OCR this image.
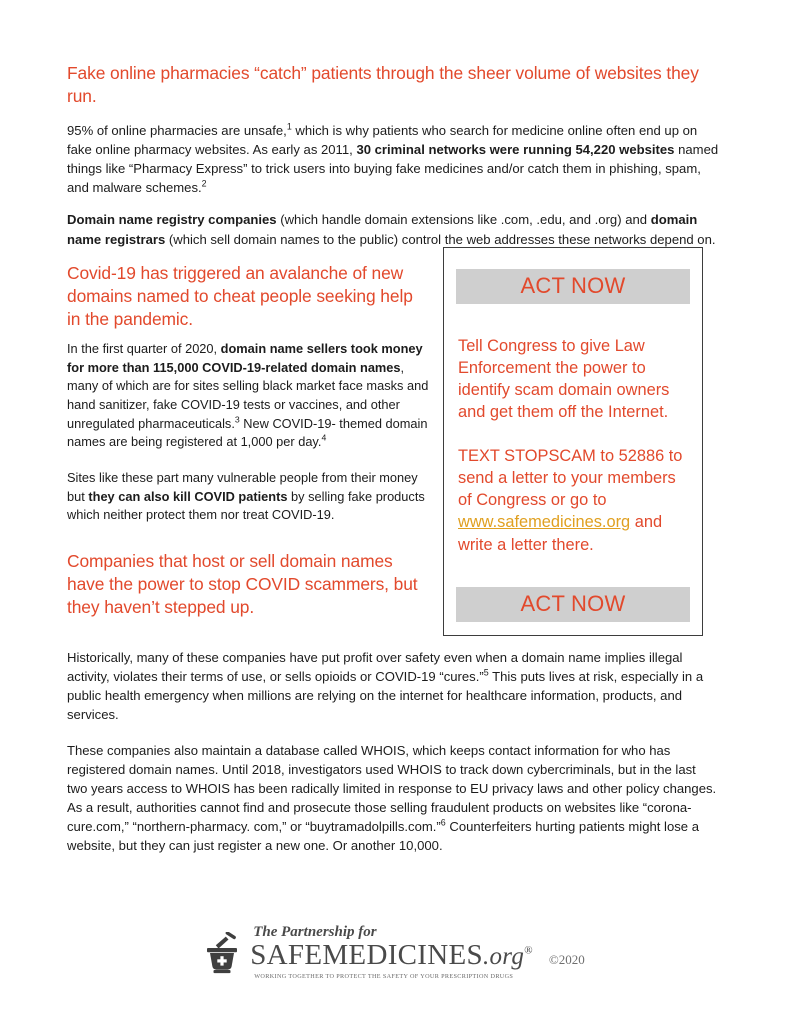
Fake online pharmacies “catch” patients through the sheer volume of websites they run.

95% of online pharmacies are unsafe,$^1$ which is why patients who search for medicine online often end up on fake online pharmacy websites. As early as 2011, 30 criminal networks were running 54,220 websites named things like “Pharmacy Express” to trick users into buying fake medicines and/or catch them in phishing, spam, and malware schemes.$^2$

Domain name registry companies (which handle domain extensions like .com, .edu, and .org) and domain name registrars (which sell domain names to the public) control the web addresses these networks depend on.

Covid-19 has triggered an avalanche of new domains named to cheat people seeking help in the pandemic.

In the first quarter of 2020, domain name sellers took money for more than 115,000 COVID-19-related domain names, many of which are for sites selling black market face masks and hand sanitizer, fake COVID-19 tests or vaccines, and other unregulated pharmaceuticals.$^3$ New COVID-19- themed domain names are being registered at 1,000 per day.$^4$

Sites like these part many vulnerable people from their money but they can also kill COVID patients by selling fake products which neither protect them nor treat COVID-19.

Companies that host or sell domain names have the power to stop COVID scammers, but they haven’t stepped up.
ACT NOW

Tell Congress to give Law Enforcement the power to identify scam domain owners and get them off the Internet.

TEXT STOPSCAM to 52886 to send a letter to your members of Congress or go to www.safemedicines.org and write a letter there.

ACT NOW

Historically, many of these companies have put profit over safety even when a domain name implies illegal activity, violates their terms of use, or sells opioids or COVID-19 “cures.”$^5$ This puts lives at risk, especially in a public health emergency when millions are relying on the internet for healthcare information, products, and services.

These companies also maintain a database called WHOIS, which keeps contact information for who has registered domain names. Until 2018, investigators used WHOIS to track down cybercriminals, but in the last two years access to WHOIS has been radically limited in response to EU privacy laws and other policy changes. As a result, authorities cannot find and prosecute those selling fraudulent products on websites like “corona-cure.com,” “northern-pharmacy. com,” or “buytramadolpills.com.”$^6$ Counterfeiters hurting patients might lose a website, but they can just register a new one. Or another 10,000.

The Partnership for
SAFEMEDICINES.org®
WORKING TOGETHER TO PROTECT THE SAFETY OF YOUR PRESCRIPTION DRUGS
©2020
